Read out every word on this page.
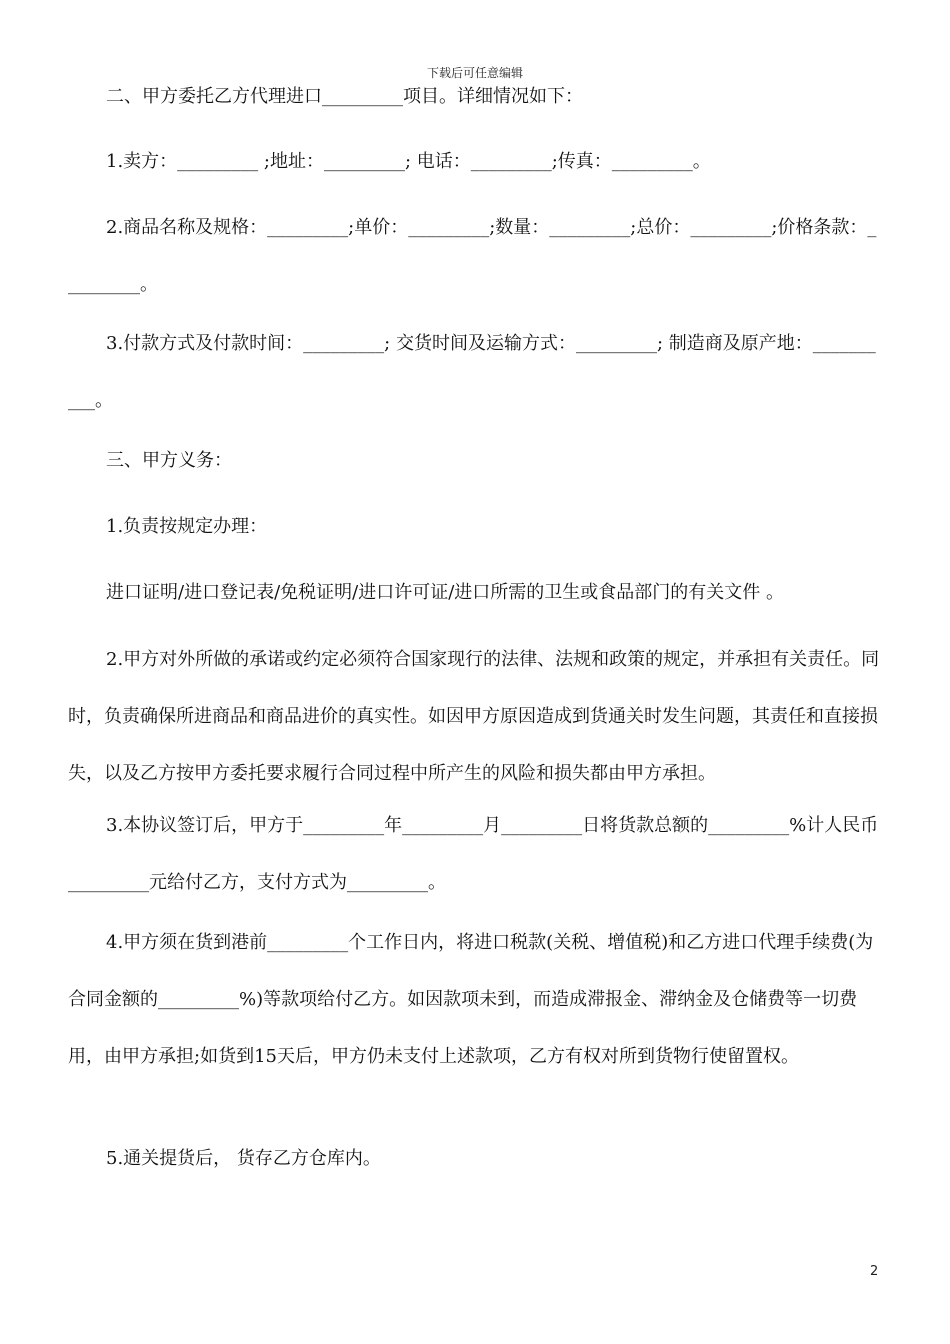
下载后可任意编辑

二、甲方委托乙方代理进口_________项目。详细情况如下：

1.卖方：_________ ;地址：_________; 电话：_________;传真：_________。

2.商品名称及规格：_________;单价：_________;数量：_________;总价：_________;价格条款：_________。

3.付款方式及付款时间：_________; 交货时间及运输方式：_________; 制造商及原产地：__________。

三、甲方义务：

1.负责按规定办理：

进口证明/进口登记表/免税证明/进口许可证/进口所需的卫生或食品部门的有关文件 。

2.甲方对外所做的承诺或约定必须符合国家现行的法律、法规和政策的规定，并承担有关责任。同时，负责确保所进商品和商品进价的真实性。如因甲方原因造成到货通关时发生问题，其责任和直接损失，以及乙方按甲方委托要求履行合同过程中所产生的风险和损失都由甲方承担。

3.本协议签订后，甲方于_________年_________月_________日将货款总额的_________%计人民币_________元给付乙方，支付方式为_________。

4.甲方须在货到港前_________个工作日内，将进口税款(关税、增值税)和乙方进口代理手续费(为合同金额的_________%)等款项给付乙方。如因款项未到，而造成滞报金、滞纳金及仓储费等一切费用，由甲方承担;如货到15天后，甲方仍未支付上述款项，乙方有权对所到货物行使留置权。

5.通关提货后， 货存乙方仓库内。

2
